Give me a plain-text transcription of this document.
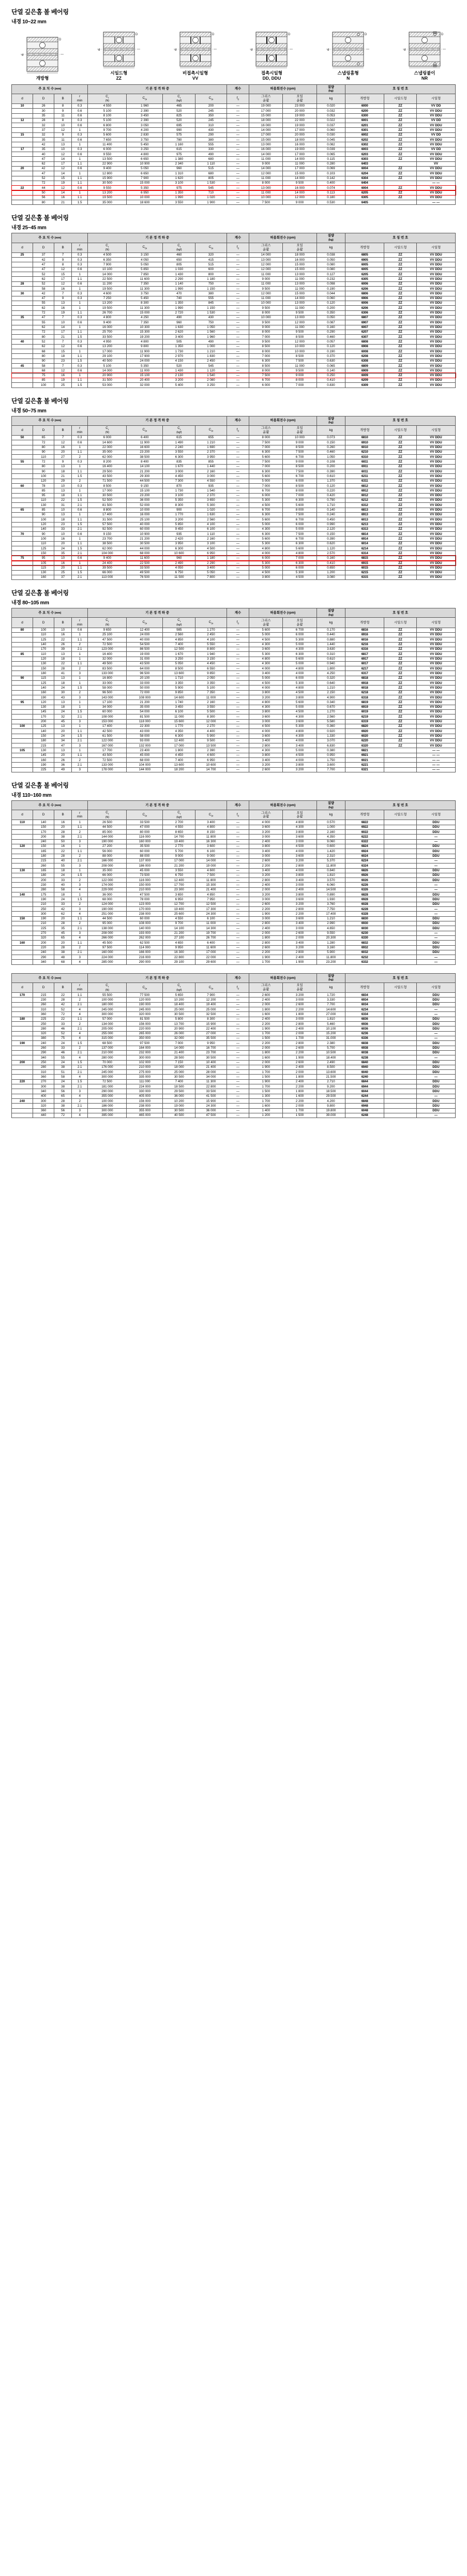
단열 깊은홈 볼 베어링
내경 10~22 mm
d
D
개방형
d
D
시일드형
ZZ
d
D
비접촉시일형
VV
d
D
접촉시일형
DD, DDU
d
D
스냅링홈형
N
d
D
스냅링붙이
NR
주 요 치 수 (mm)				기 본 정 격 하 중				계수	허용회전수 (rpm)		질량
(kg)	호 칭 번 호		
d	D	B	r
min	$C_r$
(N)	$C_{0r}$	$C_r$
(kgf)	$C_{0r}$	$f_0$	그리스
윤활	오일
윤활	kg	개방형	시일드형	시일형
10	26	8	0.3	4 550	1 960	465	200	—	19 000	23 000	0.020	6000	ZZ	VV DD
	30	9	0.6	5 100	2 390	520	245	—	17 000	20 000	0.032	6200	ZZ	VV DDU
	35	11	0.6	8 100	3 450	825	350	—	15 000	19 000	0.053	6300	ZZ	VV DDU
12	28	8	0.3	5 100	2 390	520	245	—	18 000	22 000	0.022	6001	ZZ	VV DD
	32	10	0.6	6 800	3 050	695	310	—	16 000	19 000	0.037	6201	ZZ	VV DDU
	37	12	1	9 700	4 200	990	430	—	14 000	17 000	0.060	6301	ZZ	VV DDU
15	32	9	0.3	5 600	2 830	575	290	—	17 000	20 000	0.030	6002	ZZ	VV DD
	35	11	0.6	7 650	3 750	780	380	—	15 000	18 000	0.045	6202	ZZ	VV DDU
	42	13	1	11 400	5 450	1 160	555	—	13 000	16 000	0.082	6302	ZZ	VV DDU
17	35	10	0.3	6 000	3 250	615	330	—	16 000	19 000	0.039	6003	ZZ	VV DD
	40	12	0.6	9 550	4 800	975	490	—	14 000	17 000	0.065	6203	ZZ	VV DDU
	47	14	1	13 500	6 650	1 380	680	—	11 000	14 000	0.115	6303	ZZ	VV DDU
	62	17	1.1	22 900	10 900	2 340	1 110	—	9 000	11 000	0.280	6403		VV
20	42	12	0.6	9 400	5 050	960	515	—	14 000	17 000	0.069	6004	ZZ	VV DDU
	47	14	1	12 800	6 650	1 310	680	—	12 000	15 000	0.103	6204	ZZ	VV DDU
	52	15	1.1	15 900	7 900	1 620	805	—	11 000	14 000	0.142	6304	ZZ	VV DDU
	72	19	1.1	30 500	15 000	3 100	1 530	—	8 000	9 500	0.400	6404		— —
22	44	12	0.6	9 550	5 350	975	545	—	13 000	16 000	0.074	6004	ZZ	VV DDU
	50	14	1	13 200	6 950	1 350	710	—	11 000	14 000	0.113	6205	ZZ	VV DDU
	56	16	1.1	19 500	10 000	1 990	1 020	—	10 000	12 000	0.180	6305	ZZ	VV DDU
	80	21	1.5	35 000	18 600	3 550	1 900	—	7 500	9 000	0.530	6405		— —
단열 깊은홈 볼 베어링
내경 25~45 mm
주 요 치 수 (mm)				기 본 정 격 하 중				계수	허용회전수 (rpm)		질량
(kg)	호 칭 번 호		
d	D	B	r
min	$C_r$
(N)	$C_{0r}$	$C_r$
(kgf)	$C_{0r}$	$f_0$	그리스
윤활	오일
윤활	kg	개방형	시일드형	시일형
25	37	7	0.3	4 500	3 150	460	320	—	14 000	18 000	0.038	6805	ZZ	VV DDU
	42	9	0.3	6 350	4 050	650	415	—	13 000	16 000	0.050	6905	ZZ	VV DDU
	47	8	0.3	7 900	5 050	805	515	—	12 000	15 000	0.080	6005	ZZ	VV DDU
	47	12	0.6	10 100	5 850	1 030	600	—	12 000	15 000	0.080	6005	ZZ	VV DDU
	52	15	1	14 000	7 850	1 430	800	—	11 000	13 000	0.127	6205	ZZ	VV DDU
	62	17	1.1	22 500	11 600	2 290	1 180	—	9 000	11 000	0.232	6305	ZZ	VV DDU
28	52	12	0.6	11 200	7 350	1 140	750	—	11 000	13 000	0.098	6006	ZZ	VV DDU
	58	16	1	19 500	11 300	1 990	1 150	—	9 500	11 000	0.190	6206	ZZ	VV DDU
30	42	7	0.3	4 600	3 750	470	380	—	12 000	15 000	0.044	6806	ZZ	VV DDU
	47	9	0.3	7 250	5 450	740	555	—	11 000	14 000	0.060	6906	ZZ	VV DDU
	55	13	1	13 200	8 300	1 350	845	—	10 000	13 000	0.120	6006	ZZ	VV DDU
	62	16	1	19 500	11 300	1 990	1 150	—	9 500	11 000	0.200	6206	ZZ	VV DDU
	72	19	1.1	26 700	15 000	2 720	1 530	—	8 000	9 500	0.350	6306	ZZ	VV DDU
35	47	7	0.3	4 800	4 250	490	430	—	10 000	13 000	0.050	6807	ZZ	VV DDU
	55	10	0.6	9 400	7 350	960	750	—	9 500	12 000	0.087	6907	ZZ	VV DDU
	62	14	1	16 000	10 300	1 630	1 050	—	9 000	11 000	0.160	6007	ZZ	VV DDU
	72	17	1.1	25 700	15 300	2 620	1 560	—	8 000	9 500	0.290	6207	ZZ	VV DDU
	80	21	1.5	33 500	19 200	3 400	1 960	—	7 000	8 500	0.460	6307	ZZ	VV DDU
40	52	7	0.3	4 950	4 800	505	490	—	9 500	12 000	0.057	6808	ZZ	VV DDU
	62	12	0.6	13 200	9 800	1 350	1 000	—	8 500	10 000	0.120	6908	ZZ	VV DDU
	68	15	1	17 000	11 900	1 730	1 210	—	8 000	10 000	0.190	6008	ZZ	VV DDU
	80	18	1.1	29 100	17 900	2 970	1 830	—	7 000	8 500	0.370	6208	ZZ	VV DDU
	90	23	1.5	40 500	24 000	4 150	2 450	—	6 300	7 500	0.630	6308	ZZ	VV DDU
45	58	7	0.3	5 100	5 350	520	545	—	8 500	11 000	0.065	6809	ZZ	VV DDU
	68	12	0.6	14 000	11 000	1 430	1 120	—	8 000	9 500	0.140	6909	ZZ	VV DDU
	75	16	1	20 900	15 100	2 130	1 540	—	7 500	9 000	0.250	6009	ZZ	VV DDU
	85	19	1.1	31 500	20 400	3 200	2 080	—	6 700	8 000	0.410	6209	ZZ	VV DDU
	100	25	1.5	53 000	32 000	5 400	3 250	—	6 000	7 000	0.830	6309	ZZ	VV DDU
단열 깊은홈 볼 베어링
내경 50~75 mm
주 요 치 수 (mm)				기 본 정 격 하 중				계수	허용회전수 (rpm)		질량
(kg)	호 칭 번 호		
d	D	B	r
min	$C_r$
(N)	$C_{0r}$	$C_r$
(kgf)	$C_{0r}$	$f_0$	그리스
윤활	오일
윤활	kg	개방형	시일드형	시일형
50	65	7	0.3	6 000	6 400	615	655	—	8 000	10 000	0.073	6810	ZZ	VV DDU
	72	12	0.6	14 600	11 900	1 490	1 210	—	7 500	9 000	0.150	6910	ZZ	VV DDU
	80	16	1	22 000	16 600	2 240	1 690	—	7 000	8 500	0.260	6010	ZZ	VV DDU
	90	20	1.1	35 000	23 200	3 550	2 370	—	6 300	7 500	0.460	6210	ZZ	VV DDU
	110	27	2	62 000	38 500	6 300	3 950	—	5 600	6 700	1.050	6310	ZZ	VV DDU
55	72	9	0.3	8 200	8 400	835	855	—	7 500	9 000	0.108	6811	ZZ	VV DDU
	80	13	1	16 400	14 100	1 670	1 440	—	7 000	8 500	0.200	6911	ZZ	VV DDU
	90	18	1.1	29 500	21 200	3 000	2 160	—	6 300	7 500	0.390	6011	ZZ	VV DDU
	100	21	1.5	43 500	29 300	4 450	3 000	—	5 600	6 700	0.610	6211	ZZ	VV DDU
	120	29	2	71 500	44 500	7 300	4 550	—	5 000	6 000	1.370	6311	ZZ	VV DDU
60	78	10	0.3	8 500	9 150	870	935	—	7 000	8 500	0.120	6812	ZZ	VV DDU
	85	13	1	17 000	15 100	1 730	1 540	—	6 700	8 000	0.220	6912	ZZ	VV DDU
	95	18	1.1	30 500	23 200	3 100	2 370	—	6 000	7 000	0.420	6012	ZZ	VV DDU
	110	22	1.5	52 500	36 000	5 350	3 650	—	5 300	6 300	0.790	6212	ZZ	VV DDU
	130	31	2.1	81 500	52 000	8 300	5 300	—	4 500	5 600	1.710	6312	ZZ	VV DDU
65	85	10	0.6	8 800	10 000	900	1 020	—	6 700	8 000	0.140	6813	ZZ	VV DDU
	90	13	1	17 400	16 000	1 770	1 630	—	6 300	7 500	0.240	6913	ZZ	VV DDU
	100	18	1.1	31 500	25 100	3 200	2 560	—	5 600	6 700	0.450	6013	ZZ	VV DDU
	120	23	1.5	57 500	40 000	5 850	4 100	—	5 000	6 000	0.990	6213	ZZ	VV DDU
	140	33	2.1	92 500	60 000	9 450	6 100	—	4 300	5 000	2.120	6313	ZZ	VV DDU
70	90	10	0.6	9 150	10 900	935	1 110	—	6 300	7 500	0.150	6814	ZZ	VV DDU
	100	16	1	23 700	21 200	2 420	2 160	—	5 600	6 700	0.390	6914	ZZ	VV DDU
	110	20	1.1	38 500	30 500	3 950	3 100	—	5 300	6 300	0.620	6014	ZZ	VV DDU
	125	24	1.5	62 000	44 000	6 300	4 500	—	4 800	5 600	1.120	6214	ZZ	VV DDU
	150	35	2.1	104 000	68 000	10 600	6 950	—	4 000	4 800	2.570	6314	ZZ	VV DDU
75	95	10	0.6	9 400	11 600	960	1 180	—	6 000	7 000	0.160	6815	ZZ	VV DDU
	105	16	1	24 400	22 500	2 490	2 290	—	5 300	6 300	0.410	6915	ZZ	VV DDU
	115	20	1.1	39 500	33 500	4 050	3 400	—	5 000	6 000	0.650	6015	ZZ	VV DDU
	130	25	1.5	66 000	49 500	6 750	5 050	—	4 500	5 300	1.200	6215	ZZ	VV DDU
	160	37	2.1	113 000	76 500	11 500	7 800	—	3 800	4 500	3.080	6315	ZZ	VV DDU
단열 깊은홈 볼 베어링
내경 80~105 mm
주 요 치 수 (mm)				기 본 정 격 하 중				계수	허용회전수 (rpm)		질량
(kg)	호 칭 번 호		
d	D	B	r
min	$C_r$
(N)	$C_{0r}$	$C_r$
(kgf)	$C_{0r}$	$f_0$	그리스
윤활	오일
윤활	kg	개방형	시일드형	시일형
80	100	10	0.6	9 650	12 400	985	1 270	—	5 600	6 700	0.170	6816	ZZ	VV DDU
	110	16	1	25 100	24 000	2 560	2 450	—	5 000	6 000	0.440	6916	ZZ	VV DDU
	125	22	1.1	47 500	40 000	4 850	4 100	—	4 500	5 300	0.880	6016	ZZ	VV DDU
	140	26	2	72 500	54 500	7 400	5 550	—	4 300	5 000	1.440	6216	ZZ	VV DDU
	170	39	2.1	123 000	86 500	12 500	8 800	—	3 600	4 300	3.630	6316	ZZ	VV DDU
85	110	13	1	16 400	19 000	1 670	1 940	—	5 300	6 300	0.310	6817	ZZ	VV DDU
	120	18	1	32 000	31 000	3 250	3 150	—	4 800	5 600	0.610	6917	ZZ	VV DDU
	130	22	1.1	49 500	43 500	5 050	4 450	—	4 300	5 000	0.940	6017	ZZ	VV DDU
	150	28	2	83 500	64 000	8 500	6 550	—	4 000	4 800	1.800	6217	ZZ	VV DDU
	180	41	3	133 000	96 500	13 600	9 850	—	3 400	4 000	4.250	6317	ZZ	VV DDU
90	115	13	1	16 800	20 100	1 710	2 050	—	5 000	6 000	0.320	6818	ZZ	VV DDU
	125	18	1	33 000	33 000	3 350	3 350	—	4 500	5 300	0.640	6918	ZZ	VV DDU
	140	24	1.5	58 000	50 000	5 900	5 100	—	4 000	4 800	1.210	6018	ZZ	VV DDU
	160	30	2	96 500	72 000	9 850	7 350	—	3 800	4 500	2.150	6218	ZZ	VV DDU
	190	43	3	143 000	108 000	14 600	11 000	—	3 200	3 800	4.900	6318	ZZ	VV DDU
95	120	13	1	17 100	21 200	1 740	2 160	—	4 800	5 600	0.340	6819	ZZ	VV DDU
	130	18	1	34 000	35 000	3 450	3 550	—	4 300	5 000	0.670	6919	ZZ	VV DDU
	145	24	1.5	60 000	54 000	6 100	5 500	—	3 800	4 500	1.270	6019	ZZ	VV DDU
	170	32	2.1	108 000	81 500	11 000	8 300	—	3 600	4 300	2.560	6219	ZZ	VV DDU
	200	45	3	153 000	118 000	15 600	12 000	—	3 000	3 600	5.580	6319	ZZ	VV DDU
100	125	13	1	17 400	22 300	1 770	2 270	—	4 500	5 300	0.360	6820	ZZ	VV DDU
	140	20	1.1	42 500	43 000	4 350	4 400	—	4 000	4 800	0.920	6920	ZZ	VV DDU
	150	24	1.5	61 500	58 000	6 300	5 900	—	3 600	4 300	1.330	6020	ZZ	VV DDU
	180	34	2.1	122 000	93 000	12 400	9 500	—	3 400	4 000	3.070	6220	ZZ	VV DDU
	215	47	3	167 000	132 000	17 000	13 500	—	2 800	3 400	6.830	6320	ZZ	VV DDU
105	130	13	1	17 700	23 400	1 800	2 390	—	4 300	5 000	0.380	6821		— —
	145	20	1.1	43 500	45 000	4 450	4 600	—	3 800	4 500	0.950	6921		— —
	160	26	2	72 500	68 000	7 400	6 950	—	3 400	4 000	1.750	6021		— —
	190	36	2.1	133 000	104 000	13 600	10 600	—	3 200	3 800	3.600	6221		— —
	225	49	3	178 000	144 000	18 200	14 700	—	2 600	3 200	7.700	6321		— —
단열 깊은홈 볼 베어링
내경 110~160 mm
주 요 치 수 (mm)				기 본 정 격 하 중				계수	허용회전수 (rpm)		질량
(kg)	호 칭 번 호		
d	D	B	r
min	$C_r$
(N)	$C_{0r}$	$C_r$
(kgf)	$C_{0r}$	$f_0$	그리스
윤활	오일
윤활	kg	개방형	시일드형	시일형
110	140	16	1	26 500	33 500	2 700	3 400	—	4 000	4 800	0.570	6822		DDU
	150	20	1.1	44 500	47 000	4 550	4 800	—	3 600	4 300	1.000	6922		DDU
	170	28	2	85 000	80 000	8 650	8 150	—	3 200	3 800	2.160	6022		DDU
	200	38	2.1	144 000	116 000	14 700	11 800	—	3 000	3 600	4.350	6222		—
	240	50	3	190 000	160 000	19 400	16 300	—	2 400	3 000	9.060	6322		—
120	150	16	1	27 200	35 500	2 770	3 600	—	3 800	4 500	0.600	6824		DDU
	165	22	1.1	56 000	60 000	5 700	6 100	—	3 400	4 000	1.420	6924		DDU
	180	28	2	88 000	88 000	9 000	9 000	—	3 000	3 600	2.310	6024		DDU
	215	40	2.1	166 000	137 000	17 000	14 000	—	2 600	3 200	5.370	6224		—
	260	55	3	208 000	186 000	21 200	19 000	—	2 200	2 800	11.800	6324		—
130	165	18	1	35 000	45 000	3 550	4 600	—	3 400	4 000	0.840	6826		DDU
	180	24	1.5	66 000	73 500	6 750	7 500	—	3 200	3 800	1.810	6926		DDU
	200	33	2	122 000	116 000	12 400	11 800	—	2 800	3 400	3.570	6026		DDU
	230	40	3	174 000	150 000	17 700	15 300	—	2 400	3 000	6.060	6226		—
	280	58	4	229 000	210 000	23 300	21 400	—	2 000	2 400	14.500	6326		—
140	175	18	1	36 000	47 500	3 650	4 850	—	3 200	3 800	0.890	6828		DDU
	190	24	1.5	68 000	78 000	6 950	7 950	—	3 000	3 600	1.930	6928		DDU
	210	33	2	124 000	123 000	12 700	12 500	—	2 600	3 200	3.760	6028		DDU
	250	42	3	190 000	170 000	19 400	17 300	—	2 200	2 800	7.750	6228		—
	300	62	4	251 000	238 000	25 600	24 300	—	1 900	2 200	17.400	6328		—
150	190	20	1.1	44 500	60 000	4 550	6 100	—	3 000	3 600	1.210	6830		DDU
	210	28	2	95 000	108 000	9 700	11 000	—	2 800	3 400	2.990	6930		DDU
	225	35	2.1	138 000	140 000	14 100	14 300	—	2 400	3 000	4.650	6030		DDU
	270	45	3	208 000	193 000	21 200	19 700	—	2 000	2 600	9.550	6230		—
	320	65	4	266 000	262 000	27 100	26 700	—	1 800	2 000	20.300	6330		—
160	200	20	1.1	45 500	62 500	4 650	6 400	—	2 800	3 400	1.280	6832		DDU
	220	28	2	97 500	114 000	9 950	11 600	—	2 600	3 200	3.160	6932		DDU
	240	38	2.1	160 000	166 000	16 300	17 000	—	2 200	2 800	5.900	6032		DDU
	290	48	3	224 000	216 000	22 800	22 000	—	1 900	2 400	11.800	6232		—
	340	68	4	285 000	290 000	29 100	29 600	—	1 700	1 900	23.200	6332		—
주 요 치 수 (mm)				기 본 정 격 하 중				계수	허용회전수 (rpm)		질량
(kg)	호 칭 번 호		
d	D	B	r
min	$C_r$
(N)	$C_{0r}$	$C_r$
(kgf)	$C_{0r}$	$f_0$	그리스
윤활	오일
윤활	kg	개방형	시일드형	시일형
170	215	22	1.1	55 500	77 500	5 650	7 900	—	2 600	3 200	1.720	6834		DDU
	230	28	2	100 000	120 000	10 200	12 200	—	2 400	3 000	3.330	6934		DDU
	260	42	2.1	180 000	190 000	18 400	19 400	—	2 000	2 600	7.700	6034		DDU
	310	52	4	245 000	245 000	25 000	25 000	—	1 800	2 200	14.600	6234		—
	360	72	4	300 000	320 000	30 500	32 500	—	1 600	1 800	27.000	6334		—
180	225	22	1.1	57 000	81 500	5 800	8 300	—	2 400	3 000	1.810	6836		DDU
	250	33	2	134 000	156 000	13 700	15 900	—	2 200	2 800	5.460	6936		DDU
	280	46	2.1	205 000	220 000	20 900	22 400	—	1 900	2 400	10.100	6036		DDU
	320	52	4	255 000	265 000	26 000	27 000	—	1 700	2 000	15.200	6236		—
	380	75	4	315 000	350 000	32 000	35 500	—	1 500	1 700	31.000	6336		—
190	240	24	1.5	68 500	97 500	7 000	9 950	—	2 200	2 800	2.380	6838		DDU
	260	33	2	137 000	164 000	14 000	16 700	—	2 000	2 600	5.700	6938		DDU
	290	46	2.1	210 000	232 000	21 400	23 700	—	1 800	2 200	10.500	6038		DDU
	340	55	4	280 000	300 000	28 500	30 500	—	1 600	1 900	18.400	6238		—
200	250	24	1.5	70 000	102 000	7 150	10 400	—	2 000	2 600	2.490	6840		DDU
	280	38	2.1	176 000	210 000	18 000	21 400	—	1 900	2 400	8.500	6940		DDU
	310	51	2.1	245 000	275 000	25 000	28 000	—	1 700	2 000	13.600	6040		DDU
	360	58	4	300 000	335 000	30 500	34 000	—	1 500	1 800	21.500	6240		—
220	270	24	1.5	72 500	111 000	7 400	11 300	—	1 900	2 400	2.710	6844		DDU
	300	38	2.1	181 000	224 000	18 500	22 800	—	1 700	2 200	9.200	6944		DDU
	340	56	3	290 000	330 000	29 500	33 500	—	1 500	1 800	18.500	6044		DDU
	400	65	4	355 000	405 000	36 000	41 500	—	1 300	1 600	29.500	6244		—
240	300	28	2	100 000	156 000	10 200	15 900	—	1 700	2 200	4.200	6848		DDU
	320	38	2.1	186 000	238 000	19 000	24 300	—	1 600	2 000	9.800	6948		DDU
	360	56	3	300 000	355 000	30 500	36 000	—	1 400	1 700	19.800	6048		DDU
	440	72	4	395 000	465 000	40 500	47 500	—	1 200	1 500	39.000	6248		—
